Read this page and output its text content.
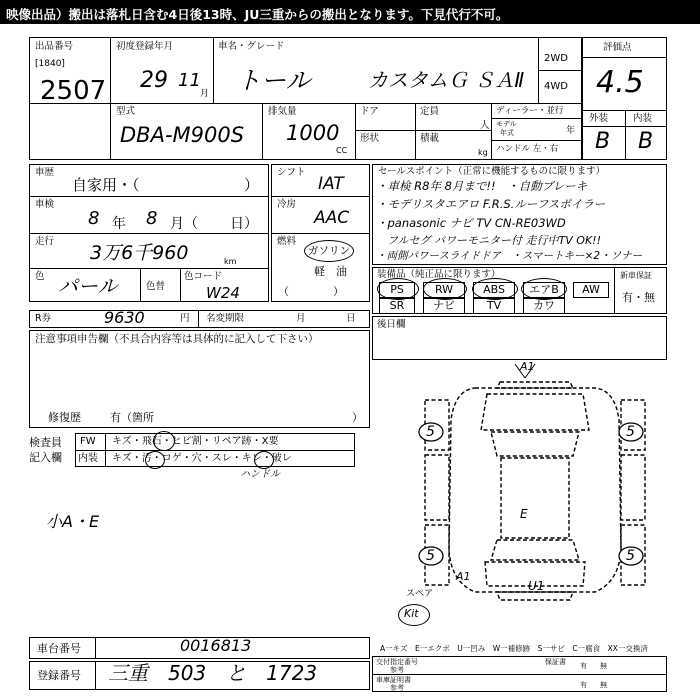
映像出品）搬出は落札日含む4日後13時、JU三重からの搬出となります。下見代行不可。
出品番号
[1840]
2507
初度登録年月
29 11
月
車名・グレード
トール	カスタムＧ ＳＡⅡ
2WD
4WD
評価点
4.5
外装	内装
B B
型式
DBA-M900S
排気量
1000
CC
ドア
形状
定員
人
積載
kg
ディーラー・並行
モデル
年式	年
ハンドル 左・右
車歴
自家用・（	）
車検
8 年 8 月（ 日）
走行
3万6千960	km
色 パール	色替
色コード
W24
シフト
IAT
冷房
AAC
燃料
ガソリン
軽　油
（　　　　）
セールスポイント（正常に機能するものに限ります）
・車検 R8年 8月まで!!　・自動ブレーキ
・モデリスタエアロ F.R.S.ルーフスポイラー
・panasonic ナビ TV CN-RE03WD
　フルセグ パワーモニター付 走行中TV OK!!
・両側パワースライドドア　・スマートキー×2・ソナー
装備品（純正品に限ります）
PS	RW	ABS	エアB	AW
SR	ナビ	TV	カワ
新車保証
有・無
R券	9630	円 名変期限	月	日
注意事項申告欄（不具合内容等は具体的に記入して下さい）
修復歴	有（箇所	）
後日欄
検査員
記入欄
FW キズ・飛石・ヒビ割・リペア跡・X要
内装 キズ・汚・コゲ・穴・スレ・キレ・破レ
ハンドル
小A・E
5	5
5	5
A1
E
A1
U1
スペア
Kit
車台番号	0016813
登録番号 三重　503　と　1723
A一キズ　E一エクボ　U一凹み　W一補修跡　S一サビ　C一腐食　XX一交換済
交付指定番号
参考
車庫証明書
参考
保証書 有 無
有 無
